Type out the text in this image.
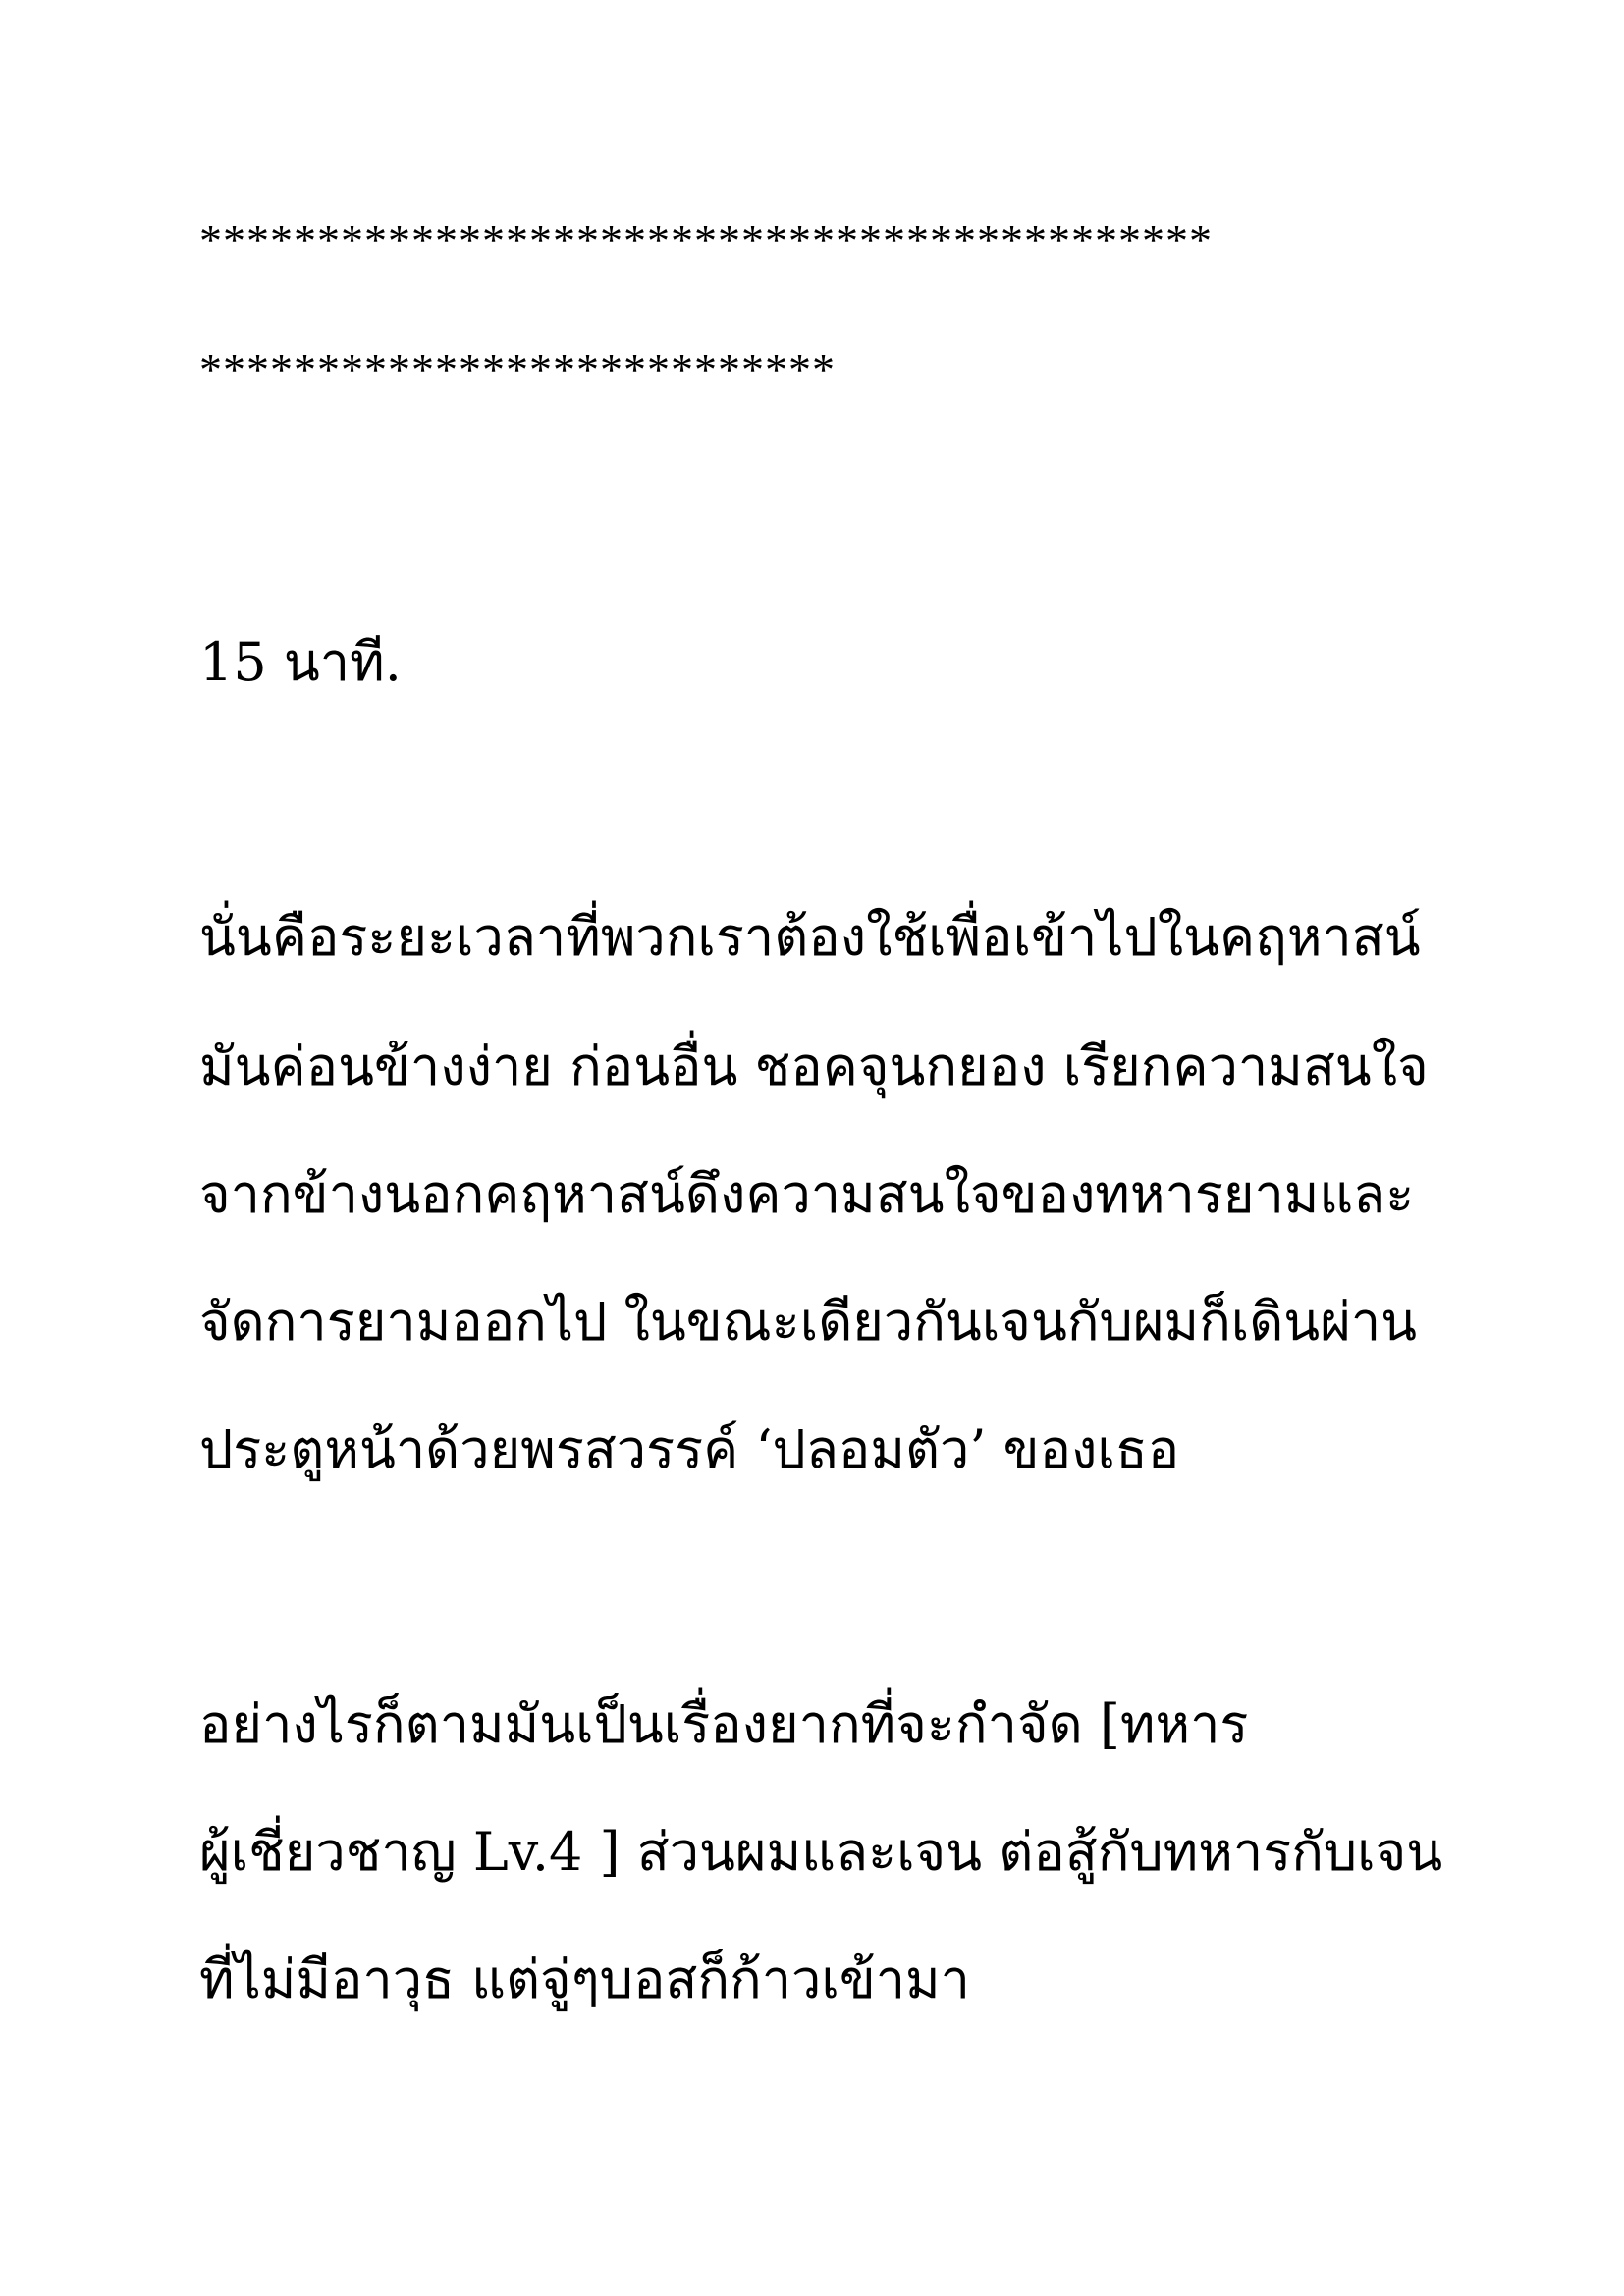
*******************************************

***************************

15 นาที.

นั่นคือระยะเวลาที่พวกเราต้องใช้เพื่อเข้าไปในคฤหาสน์

มันค่อนข้างง่าย ก่อนอื่น ชอคจุนกยอง เรียกความสนใจ

จากข้างนอกคฤหาสน์ดึงความสนใจของทหารยามและ

จัดการยามออกไป ในขณะเดียวกันเจนกับผมก็เดินผ่าน

ประตูหน้าด้วยพรสวรรค์ ‘ปลอมตัว’ ของเธอ

อย่างไรก็ตามมันเป็นเรื่องยากที่จะกำจัด [ทหาร

ผู้เชี่ยวชาญ Lv.4 ] ส่วนผมและเจน ต่อสู้กับทหารกับเจน

ที่ไม่มีอาวุธ แต่จู่ๆบอสก็ก้าวเข้ามา
